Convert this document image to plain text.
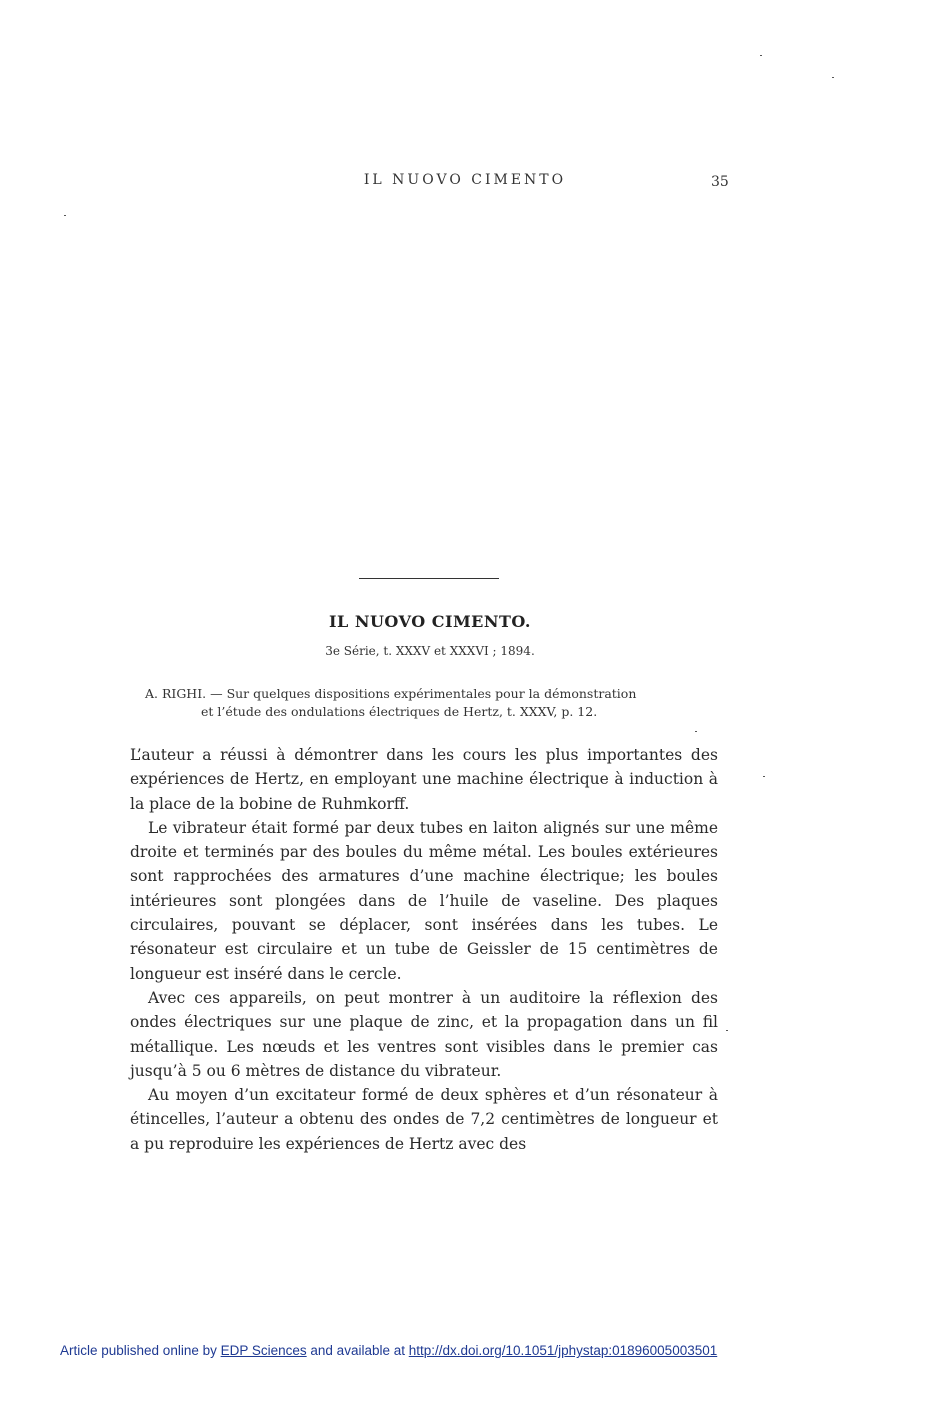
IL NUOVO CIMENTO	35
IL NUOVO CIMENTO.
3e Série, t. XXXV et XXXVI ; 1894.
A. RIGHI. — Sur quelques dispositions expérimentales pour la démonstration
et l’étude des ondulations électriques de Hertz, t. XXXV, p. 12.

L’auteur a réussi à démontrer dans les cours les plus importantes des expériences de Hertz, en employant une machine électrique à induction à la place de la bobine de Ruhmkorff.

Le vibrateur était formé par deux tubes en laiton alignés sur une même droite et terminés par des boules du même métal. Les boules extérieures sont rapprochées des armatures d’une machine électrique; les boules intérieures sont plongées dans de l’huile de vaseline. Des plaques circulaires, pouvant se déplacer, sont insérées dans les tubes. Le résonateur est circulaire et un tube de Geissler de 15 centimètres de longueur est inséré dans le cercle.

Avec ces appareils, on peut montrer à un auditoire la réflexion des ondes électriques sur une plaque de zinc, et la propagation dans un fil métallique. Les nœuds et les ventres sont visibles dans le premier cas jusqu’à 5 ou 6 mètres de distance du vibrateur.

Au moyen d’un excitateur formé de deux sphères et d’un résonateur à étincelles, l’auteur a obtenu des ondes de 7,2 centimètres de longueur et a pu reproduire les expériences de Hertz avec des

Article published online by EDP Sciences and available at http://dx.doi.org/10.1051/jphystap:01896005003501
